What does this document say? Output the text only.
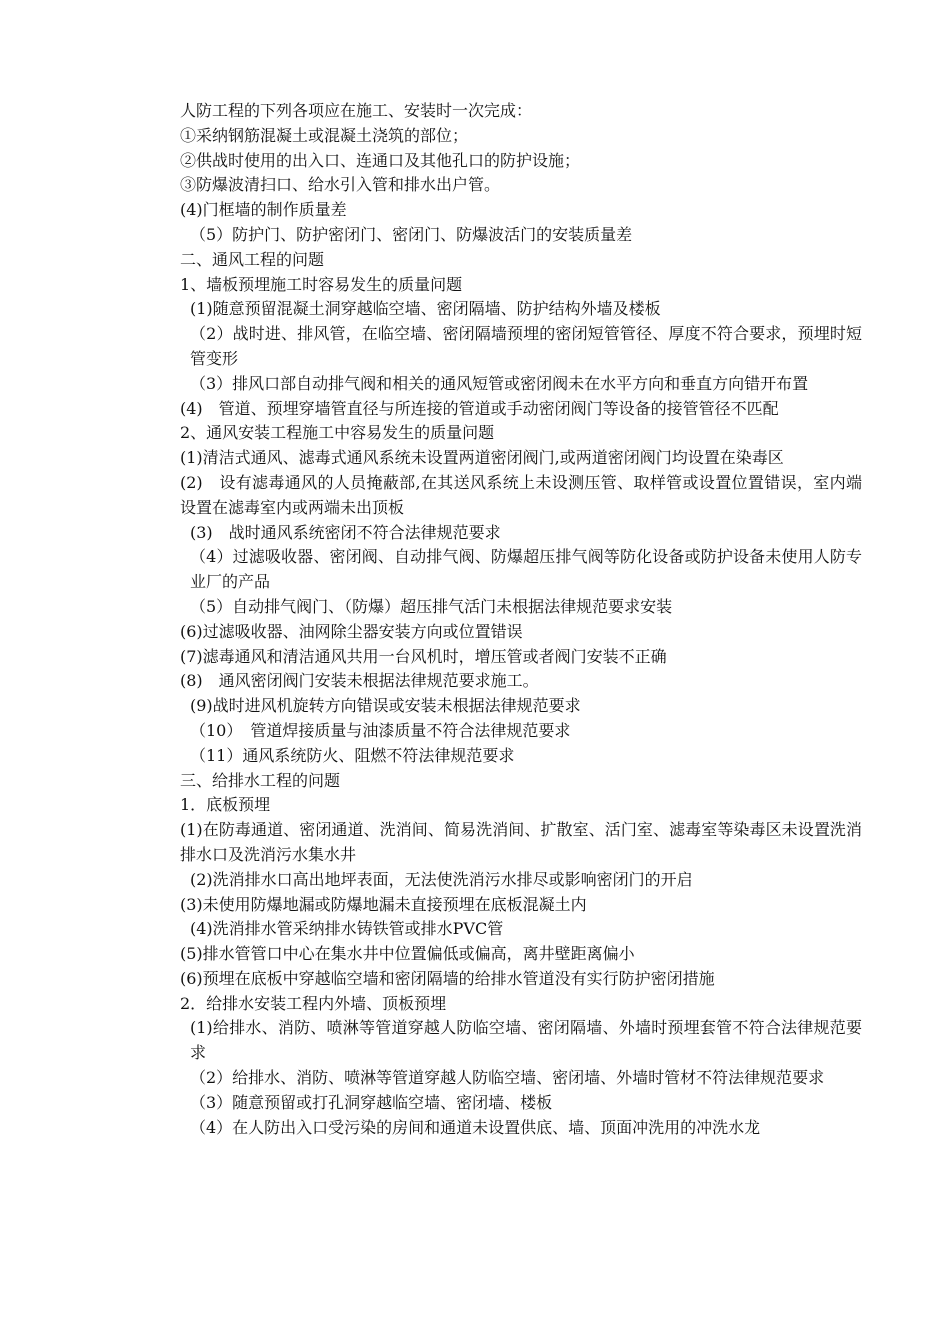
人防工程的下列各项应在施工、安装时一次完成：

①采纳钢筋混凝土或混凝土浇筑的部位；

②供战时使用的出入口、连通口及其他孔口的防护设施；

③防爆波清扫口、给水引入管和排水出户管。

(4)门框墙的制作质量差

（5）防护门、防护密闭门、密闭门、防爆波活门的安装质量差

二、通风工程的问题

1、墙板预埋施工时容易发生的质量问题

(1)随意预留混凝土洞穿越临空墙、密闭隔墙、防护结构外墙及楼板

（2）战时进、排风管，在临空墙、密闭隔墙预埋的密闭短管管径、厚度不符合要求，预埋时短管变形

（3）排风口部自动排气阀和相关的通风短管或密闭阀未在水平方向和垂直方向错开布置

(4)　管道、预埋穿墙管直径与所连接的管道或手动密闭阀门等设备的接管管径不匹配

2、通风安装工程施工中容易发生的质量问题

(1)清洁式通风、滤毒式通风系统未设置两道密闭阀门,或两道密闭阀门均设置在染毒区

(2)　设有滤毒通风的人员掩蔽部,在其送风系统上未设测压管、取样管或设置位置错误，室内端设置在滤毒室内或两端未出顶板

(3)　战时通风系统密闭不符合法律规范要求

（4）过滤吸收器、密闭阀、自动排气阀、防爆超压排气阀等防化设备或防护设备未使用人防专业厂的产品

（5）自动排气阀门、（防爆）超压排气活门未根据法律规范要求安装

(6)过滤吸收器、油网除尘器安装方向或位置错误

(7)滤毒通风和清洁通风共用一台风机时，增压管或者阀门安装不正确

(8)　通风密闭阀门安装未根据法律规范要求施工。

(9)战时进风机旋转方向错误或安装未根据法律规范要求

（10）　管道焊接质量与油漆质量不符合法律规范要求

（11）通风系统防火、阻燃不符法律规范要求

三、给排水工程的问题

1．底板预埋

(1)在防毒通道、密闭通道、洗消间、简易洗消间、扩散室、活门室、滤毒室等染毒区未设置洗消排水口及洗消污水集水井

(2)洗消排水口高出地坪表面，无法使洗消污水排尽或影响密闭门的开启

(3)未使用防爆地漏或防爆地漏未直接预埋在底板混凝土内

(4)洗消排水管采纳排水铸铁管或排水PVC管

(5)排水管管口中心在集水井中位置偏低或偏高，离井壁距离偏小

(6)预埋在底板中穿越临空墙和密闭隔墙的给排水管道没有实行防护密闭措施

2．给排水安装工程内外墙、顶板预埋

(1)给排水、消防、喷淋等管道穿越人防临空墙、密闭隔墙、外墙时预埋套管不符合法律规范要求

（2）给排水、消防、喷淋等管道穿越人防临空墙、密闭墙、外墙时管材不符法律规范要求

（3）随意预留或打孔洞穿越临空墙、密闭墙、楼板

（4）在人防出入口受污染的房间和通道未设置供底、墙、顶面冲洗用的冲洗水龙
